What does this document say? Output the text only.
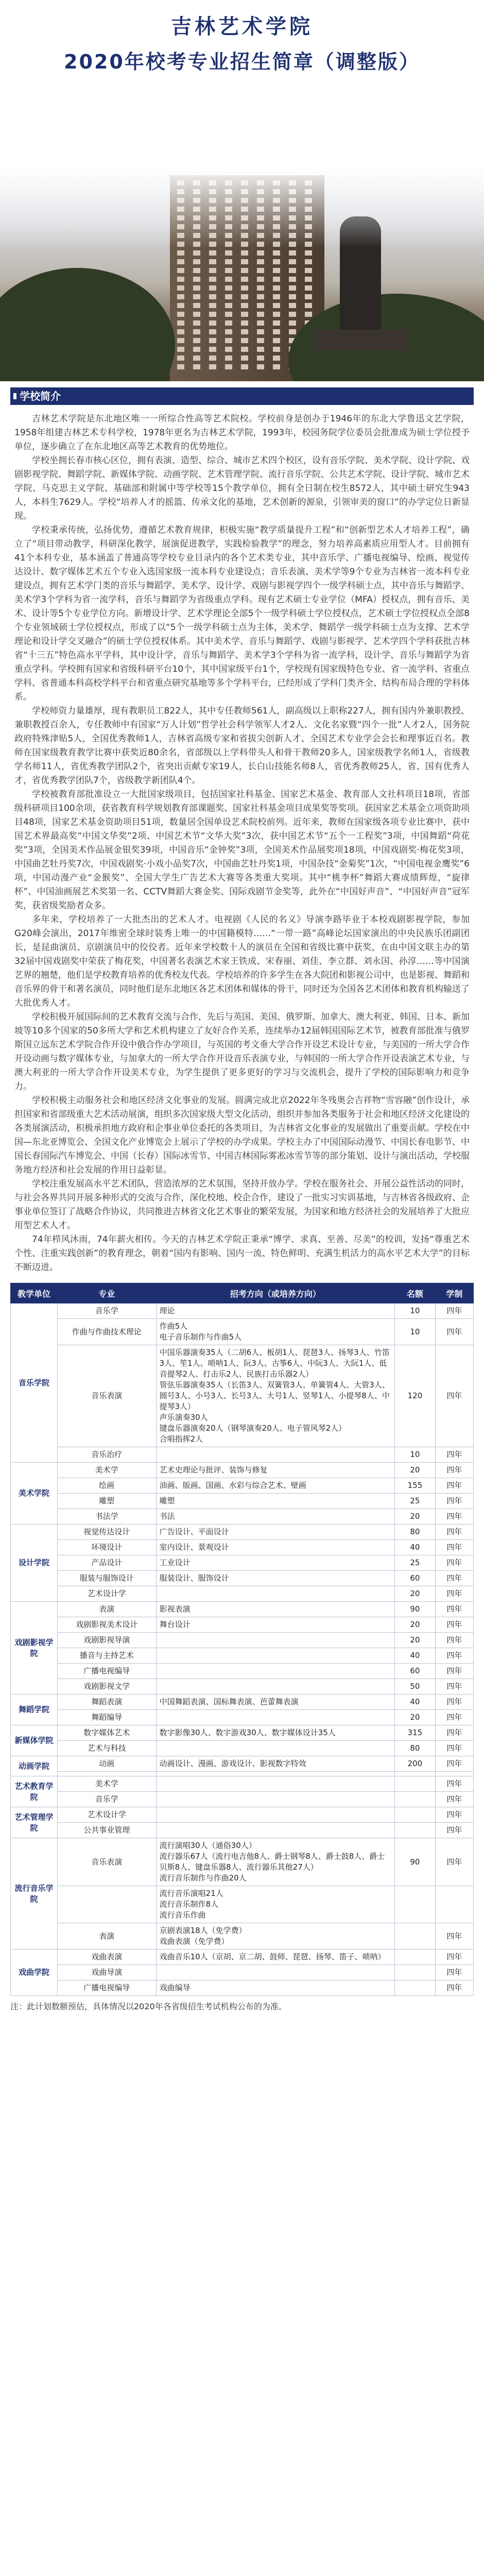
吉林艺术学院
2020年校考专业招生简章（调整版）
学校简介

吉林艺术学院是东北地区唯一一所综合性高等艺术院校。学校前身是创办于1946年的东北大学鲁迅文艺学院，1958年组建吉林艺术专科学校，1978年更名为吉林艺术学院，1993年，校园务院学位委员会批准成为硕士学位授予单位，逐步确立了在东北地区高等艺术教育的优势地位。

学校坐拥长春市核心区位，拥有表演、造型、综合、城市艺术四个校区，设有音乐学院、美术学院、设计学院、戏剧影视学院、舞蹈学院、新媒体学院、动画学院、艺术管理学院、流行音乐学院、公共艺术学院、设计学院、城市艺术学院、马克思主义学院、基础部和附属中等学校等15个教学单位，拥有全日制在校生8572人，其中硕士研究生943人，本科生7629人。学校“培养人才的摇篮、传承文化的基地，艺术创新的源泉，引领审美的窗口”的办学定位日新显现。

学校秉承传统，弘扬优势，遵循艺术教育规律，积极实施“教学质量提升工程”和“创新型艺术人才培养工程”，确立了“项目带动教学，科研深化教学，展演促进教学，实践检验教学”的理念，努力培养高素质应用型人才。目前拥有41个本科专业，基本涵盖了普通高等学校专业目录内的各个艺术类专业，其中音乐学、广播电视编导、绘画、视觉传达设计、数字媒体艺术五个专业入选国家级一流本科专业建设点；音乐表演、美术学等9个专业为吉林省一流本科专业建设点，拥有艺术学门类的音乐与舞蹈学、美术学、设计学、戏剧与影视学四个一级学科硕士点，其中音乐与舞蹈学、美术学3个学科为省一流学科，音乐与舞蹈学为省级重点学科。现有艺术硕士专业学位（MFA）授权点，拥有音乐、美术、设计等5个专业学位方向。新增设计学、艺术学理论全部5个一级学科硕士学位授权点，艺术硕士学位授权点全部8个专业领域硕士学位授权点，形成了以“5个一级学科硕士点为主体，美术学、舞蹈学一级学科硕士点为支撑、艺术学理论和设计学交叉融合”的硕士学位授权体系。其中美术学、音乐与舞蹈学、戏剧与影视学、艺术学四个学科获批吉林省“十三五”特色高水平学科，其中设计学，音乐与舞蹈学、美术学3个学科为省一流学科，设计学、音乐与舞蹈学为省重点学科。学校拥有国家和省级科研平台10个，其中国家级平台1个，学校现有国家级特色专业、省一流学科、省重点学科、省普通本科高校学科平台和省重点研究基地等多个学科平台，已经形成了学科门类齐全、结构布局合理的学科体系。

学校师资力量雄厚，现有教职员工822人，其中专任教师561人，副高级以上职称227人，拥有国内外兼职教授、兼职教授百余人，专任教师中有国家“万人计划”哲学社会科学领军人才2人、文化名家暨“四个一批”人才2人，国务院政府特殊津贴5人，全国优秀教师1人，吉林省高级专家和省拔尖创新人才、全国艺术专业学会会长和理事近百名。教师在国家级教育教学比赛中获奖近80余名，省部级以上学科带头人和骨干教师20多人，国家级教学名师1人，省级教学名师11人，省优秀教学团队2个，省突出贡献专家19人，长白山技能名师8人，省优秀教师25人，省、国有优秀人才，省优秀教学团队7个，省级教学新团队4个。

学校被教育部批准设立一大批国家级项目，包括国家社科基金、国家艺术基金、教育部人文社科项目18项，省部级科研项目100余项，获省教育科学规划教育部课题奖、国家社科基金项目成果奖等奖项。获国家艺术基金立项资助项目48项，国家艺术基金资助项目51项，数量居全国单设艺术院校前列。近年来，教师在国家级各项专业比赛中，获中国艺术界最高奖“中国文华奖”2项、中国艺术节“文华大奖”3次，获中国艺术节“五个一工程奖”3项，中国舞蹈“荷花奖”3项，全国美术作品展金银奖39项，中国音乐“金钟奖”3项，全国美术作品展奖项18项，中国戏剧奖·梅花奖3项，中国曲艺牡丹奖7次，中国戏剧奖·小戏小品奖7次，中国曲艺牡丹奖1项，中国杂技“金菊奖”1次，“中国电视金鹰奖”6项，中国动漫产业“金猴奖”、全国大学生广告艺术大赛等各类重大奖项。其中“桃李杯”舞蹈大赛成绩辉煌，“旋律杯”、中国油画展艺术奖第一名、CCTV舞蹈大赛金奖、国际戏剧节金奖等，此外在“中国好声音”、“中国好声音”冠军奖，获省级奖励者众多。

多年来，学校培养了一大批杰出的艺术人才。电视剧《人民的名义》导演李路毕业于本校戏剧影视学院，参加G20峰会演出，2017年维密全球时装秀上唯一的中国籍模特……“一带一路”高峰论坛国家演出的中央民族乐团副团长，是昆曲演员、京剧演员中的佼佼者。近年来学校数十人的演员在全国和省级比赛中获奖，在由中国文联主办的第32届中国戏剧奖中荣获了梅花奖，中国著名表演艺术家王铁成、宋春丽、刘佳、李立群、刘永国、孙淳……等中国演艺界的翘楚，他们是学校教育培养的优秀校友代表。学校培养的许多学生在各大院团和影视公司中，也是影视、舞蹈和音乐界的骨干和著名演员，同时他们是东北地区各艺术团体和媒体的骨干，同时还为全国各艺术团体和教育机构输送了大批优秀人才。

学校积极开展国际间的艺术教育交流与合作，先后与英国、美国、俄罗斯、加拿大、澳大利亚、韩国、日本、新加坡等10多个国家的50多所大学和艺术机构建立了友好合作关系，连续举办12届韩国国际艺术节，被教育部批准与俄罗斯国立远东艺术学院合作开设中俄合作办学项目，与英国的考文垂大学合作开设艺术设计专业，与美国的一所大学合作开设动画与数字媒体专业，与加拿大的一所大学合作开设音乐表演专业，与韩国的一所大学合作开设表演艺术专业，与澳大利亚的一所大学合作开设美术专业，为学生提供了更多更好的学习与交流机会，提升了学校的国际影响力和竞争力。

学校积极主动服务社会和地区经济文化事业的发展。圆满完成北京2022年冬残奥会吉祥物“雪容融”创作设计，承担国家和省部级重大艺术活动展演，组织多次国家级大型文化活动，组织并参加各类服务于社会和地区经济文化建设的各类展演活动，积极承担地方政府和企事业单位委托的各类项目，为吉林省文化事业的发展做出了重要贡献。学校在中国—东北亚博览会、全国文化产业博览会上展示了学校的办学成果。学校主办了中国国际动漫节、中国长春电影节、中国长春国际汽车博览会、中国（长春）国际冰雪节、中国吉林国际雾凇冰雪节等的部分策划、设计与演出活动，学校服务地方经济和社会发展的作用日益彰显。

学校注重发展高水平艺术团队，营造浓厚的艺术氛围，坚持开放办学。学校在服务社会、开展公益性活动的同时，与社会各界共同开展多种形式的交流与合作，深化校地、校企合作，建设了一批实习实训基地，与吉林省各级政府、企事业单位签订了战略合作协议，共同推进吉林省文化艺术事业的繁荣发展，为国家和地方经济社会的发展培养了大批应用型艺术人才。

74年栉风沐雨，74年薪火相传。今天的吉林艺术学院正秉承“博学、求真、至善、尽美”的校训，发扬“尊重艺术个性、注重实践创新”的教育理念，朝着“国内有影响、国内一流、特色鲜明、充满生机活力的高水平艺术大学”的目标不断迈进。

教学单位	专业	招考方向（或培养方向）	名额	学制
音乐学院	音乐学	理论	10	四年
	作曲与作曲技术理论	作曲5人
电子音乐制作与作曲5人	10	四年
	音乐表演	中国乐器演奏35人（二胡6人、板胡1人、琵琶3人、扬琴3人、竹笛3人、笙1人、唢呐1人、阮3人、古筝6人、中阮3人、大阮1人、低音提琴2人、打击乐2人、民族打击乐器2人）
管弦乐器演奏35人（长笛3人、双簧管3人、单簧管4人、大管3人、圆号3人、小号3人、长号3人、大号1人、竖琴1人、小提琴8人、中提琴3人）
声乐演奏30人
键盘乐器演奏20人（钢琴演奏20人、电子管风琴2人）
合唱指挥2人	120	四年
	音乐治疗		10	四年
美术学院	美术学	艺术史理论与批评、装饰与修复	20	四年
	绘画	油画、版画、国画、水彩与综合艺术、壁画	155	四年
	雕塑	雕塑	25	四年
	书法学	书法	20	四年
设计学院	视觉传达设计	广告设计、平面设计	80	四年
	环境设计	室内设计、景观设计	40	四年
	产品设计	工业设计	25	四年
	服装与服饰设计	服装设计、服饰设计	60	四年
	艺术设计学		20	四年
戏剧影视学院	表演	影视表演	90	四年
	戏剧影视美术设计	舞台设计	20	四年
	戏剧影视导演		20	四年
	播音与主持艺术		40	四年
	广播电视编导		60	四年
	戏剧影视文学		50	四年
舞蹈学院	舞蹈表演	中国舞蹈表演、国标舞表演、芭蕾舞表演	40	四年
	舞蹈编导		20	四年
新媒体学院	数字媒体艺术	数字影像30人、数字游戏30人、数字媒体设计35人	315	四年
	艺术与科技		80	四年
动画学院	动画	动画设计、漫画、游戏设计、影视数字特效	200	四年

艺术教育学院	美术学			四年
	音乐学			四年
艺术管理学院	艺术设计学			四年
	公共事业管理			四年
流行音乐学院	音乐表演	流行演唱30人（通俗30人）
流行器乐67人（流行电吉他8人、爵士钢琴8人、爵士鼓8人、爵士贝斯8人、键盘乐器8人、流行器乐其他27人）
流行音乐制作与作曲20人	90	四年
		流行音乐演唱21人
流行音乐制作8人
流行音乐作曲		
	表演	京剧表演18人（免学费）
戏曲表演（免学费）		四年
戏曲学院	戏曲表演	戏曲音乐10人（京胡、京二胡、鼓师、琵琶、扬琴、笛子、唢呐）		四年
	戏曲导演			四年
	广播电视编导	戏曲编导		四年
注：此计划数额预估，具体情况以2020年各省级招生考试机构公布的为准。
